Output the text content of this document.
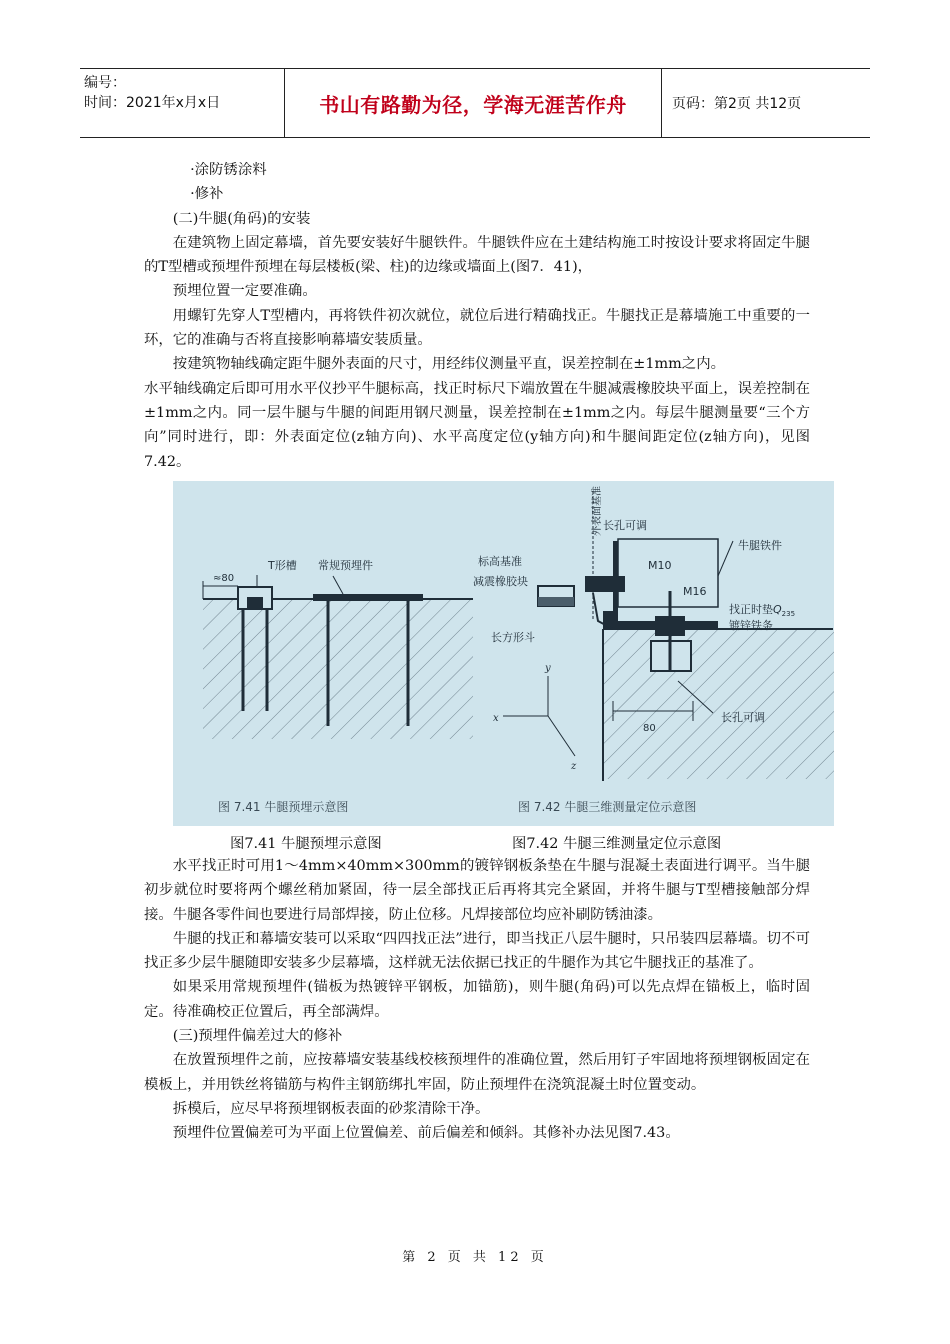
编号：
时间：2021年x月x日	书山有路勤为径，学海无涯苦作舟	页码：第2页 共12页

·涂防锈涂料

·修补

(二)牛腿(角码)的安装

在建筑物上固定幕墙，首先要安装好牛腿铁件。牛腿铁件应在土建结构施工时按设计要求将固定牛腿的T型槽或预埋件预埋在每层楼板(梁、柱)的边缘或墙面上(图7．41)，

预埋位置一定要准确。

用螺钉先穿人T型槽内，再将铁件初次就位，就位后进行精确找正。牛腿找正是幕墙施工中重要的一环，它的准确与否将直接影响幕墙安装质量。

按建筑物轴线确定距牛腿外表面的尺寸，用经纬仪测量平直，误差控制在±1mm之内。

水平轴线确定后即可用水平仪抄平牛腿标高，找正时标尺下端放置在牛腿减震橡胶块平面上，误差控制在±1mm之内。同一层牛腿与牛腿的间距用钢尺测量，误差控制在±1mm之内。每层牛腿测量要“三个方向”同时进行，即：外表面定位(z轴方向)、水平高度定位(y轴方向)和牛腿间距定位(z轴方向)，见图7.42。

≈80
T形槽 常规预埋件
图 7.41 牛腿预埋示意图
外表面基准 长孔可调
牛腿铁件
M10
M16
标高基准
减震橡胶块
长方形斗
找正时垫$Q_{235}$
镀锌铁条
长孔可调
80
x
y
z
图 7.42 牛腿三维测量定位示意图
图7.41 牛腿预埋示意图	图7.42 牛腿三维测量定位示意图

水平找正时可用1～4mm×40mm×300mm的镀锌钢板条垫在牛腿与混凝土表面进行调平。当牛腿初步就位时要将两个螺丝稍加紧固，待一层全部找正后再将其完全紧固，并将牛腿与T型槽接触部分焊接。牛腿各零件间也要进行局部焊接，防止位移。凡焊接部位均应补刷防锈油漆。

牛腿的找正和幕墙安装可以采取“四四找正法”进行，即当找正八层牛腿时，只吊装四层幕墙。切不可找正多少层牛腿随即安装多少层幕墙，这样就无法依据已找正的牛腿作为其它牛腿找正的基准了。

如果采用常规预埋件(锚板为热镀锌平钢板，加锚筋)，则牛腿(角码)可以先点焊在锚板上，临时固定。待准确校正位置后，再全部满焊。

(三)预埋件偏差过大的修补

在放置预埋件之前，应按幕墙安装基线校核预埋件的准确位置，然后用钉子牢固地将预埋钢板固定在模板上，并用铁丝将锚筋与构件主钢筋绑扎牢固，防止预埋件在浇筑混凝土时位置变动。

拆模后，应尽早将预埋钢板表面的砂浆清除干净。

预埋件位置偏差可为平面上位置偏差、前后偏差和倾斜。其修补办法见图7.43。

第 2 页 共 12 页
